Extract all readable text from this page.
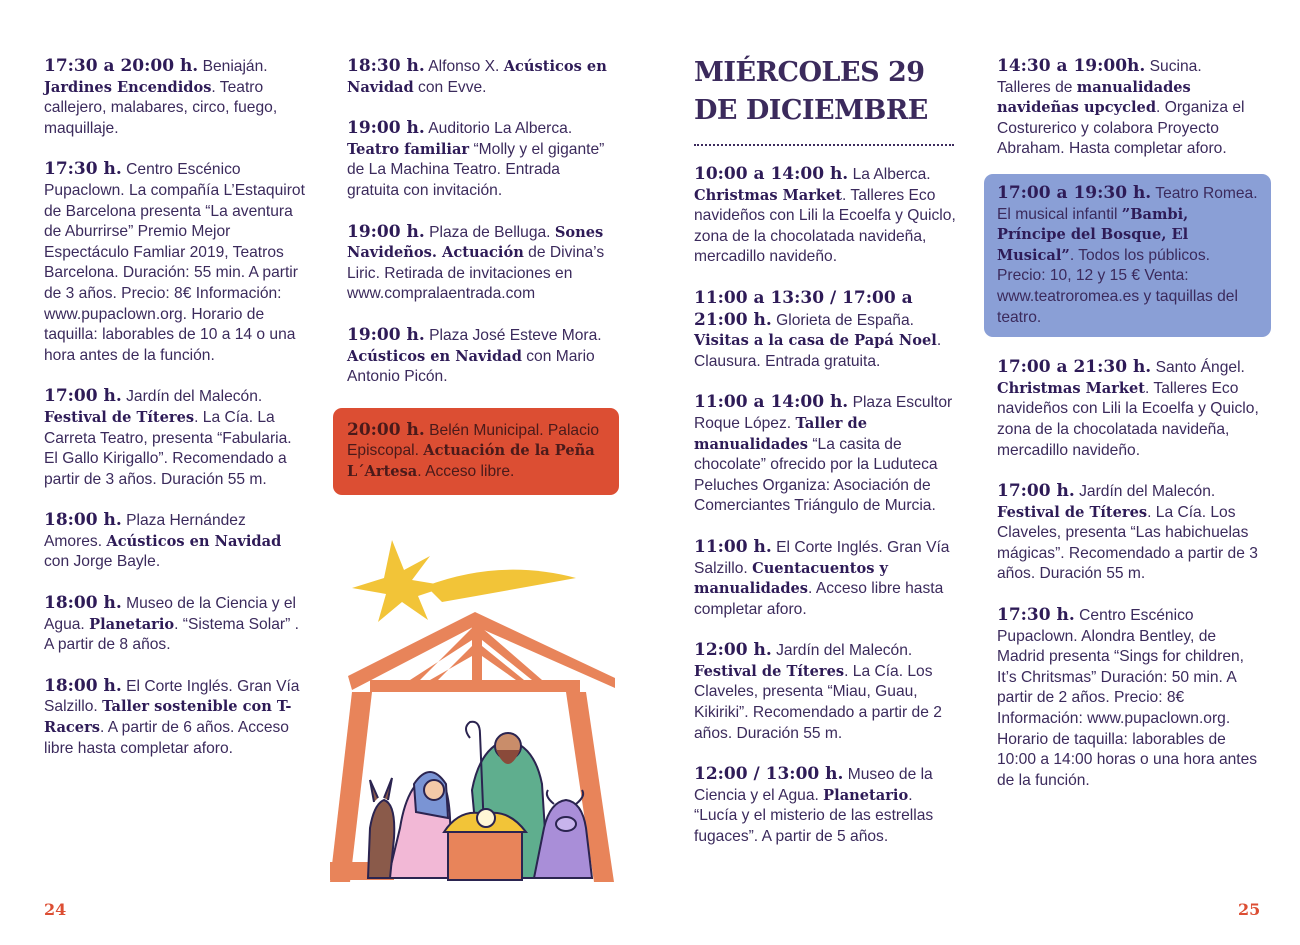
17:30 a 20:00 h. Beniaján. Jardines Encendidos. Teatro callejero, malabares, circo, fuego, maquillaje.
17:30 h. Centro Escénico Pupaclown. La compañía L’Estaquirot de Barcelona presenta “La aventura de Aburrirse” Premio Mejor Espectáculo Famliar 2019, Teatros Barcelona. Duración: 55 min. A partir de 3 años. Precio: 8€ Información: www.pupaclown.org. Horario de taquilla: laborables de 10 a 14 o una hora antes de la función.
17:00 h. Jardín del Malecón. Festival de Títeres. La Cía. La Carreta Teatro, presenta “Fabularia. El Gallo Kirigallo”. Recomendado a partir de 3 años. Duración 55 m.
18:00 h. Plaza Hernández Amores. Acústicos en Navidad con Jorge Bayle.
18:00 h. Museo de la Ciencia y el Agua. Planetario. “Sistema Solar” . A partir de 8 años.
18:00 h. El Corte Inglés. Gran Vía Salzillo. Taller sostenible con T-Racers. A partir de 6 años. Acceso libre hasta completar aforo.
18:30 h. Alfonso X. Acústicos en Navidad con Evve.
19:00 h. Auditorio La Alberca. Teatro familiar “Molly y el gigante” de La Machina Teatro. Entrada gratuita con invitación.
19:00 h. Plaza de Belluga. Sones Navideños. Actuación de Divina’s Liric. Retirada de invitaciones en www.compralaentrada.com
19:00 h. Plaza José Esteve Mora. Acústicos en Navidad con Mario Antonio Picón.
20:00 h. Belén Municipal. Palacio Episcopal. Actuación de la Peña L´Artesa. Acceso libre.
24
MIÉRCOLES 29 DE DICIEMBRE
10:00 a 14:00 h. La Alberca. Christmas Market. Talleres Eco navideños con Lili la Ecoelfa y Quiclo, zona de la chocolatada navideña, mercadillo navideño.
11:00 a 13:30 / 17:00 a 21:00 h. Glorieta de España. Visitas a la casa de Papá Noel. Clausura. Entrada gratuita.
11:00 a 14:00 h. Plaza Escultor Roque López. Taller de manualidades “La casita de chocolate” ofrecido por la Luduteca Peluches Organiza: Asociación de Comerciantes Triángulo de Murcia.
11:00 h. El Corte Inglés. Gran Vía Salzillo. Cuentacuentos y manualidades. Acceso libre hasta completar aforo.
12:00 h. Jardín del Malecón. Festival de Títeres. La Cía. Los Claveles, presenta “Miau, Guau, Kikiriki”. Recomendado a partir de 2 años. Duración 55 m.
12:00 / 13:00 h. Museo de la Ciencia y el Agua. Planetario. “Lucía y el misterio de las estrellas fugaces”. A partir de 5 años.
14:30 a 19:00h. Sucina. Talleres de manualidades navideñas upcycled. Organiza el Costurerico y colabora Proyecto Abraham. Hasta completar aforo.
17:00 a 19:30 h. Teatro Romea. El musical infantil ”Bambi, Príncipe del Bosque, El Musical”. Todos los públicos. Precio: 10, 12 y 15 € Venta: www.teatroromea.es y taquillas del teatro.
17:00 a 21:30 h. Santo Ángel. Christmas Market. Talleres Eco navideños con Lili la Ecoelfa y Quiclo, zona de la chocolatada navideña, mercadillo navideño.
17:00 h. Jardín del Malecón. Festival de Títeres. La Cía. Los Claveles, presenta “Las habichuelas mágicas”. Recomendado a partir de 3 años. Duración 55 m.
17:30 h. Centro Escénico Pupaclown. Alondra Bentley, de Madrid presenta “Sings for children, It’s Chritsmas” Duración: 50 min. A partir de 2 años. Precio: 8€ Información: www.pupaclown.org. Horario de taquilla: laborables de 10:00 a 14:00 horas o una hora antes de la función.
25
